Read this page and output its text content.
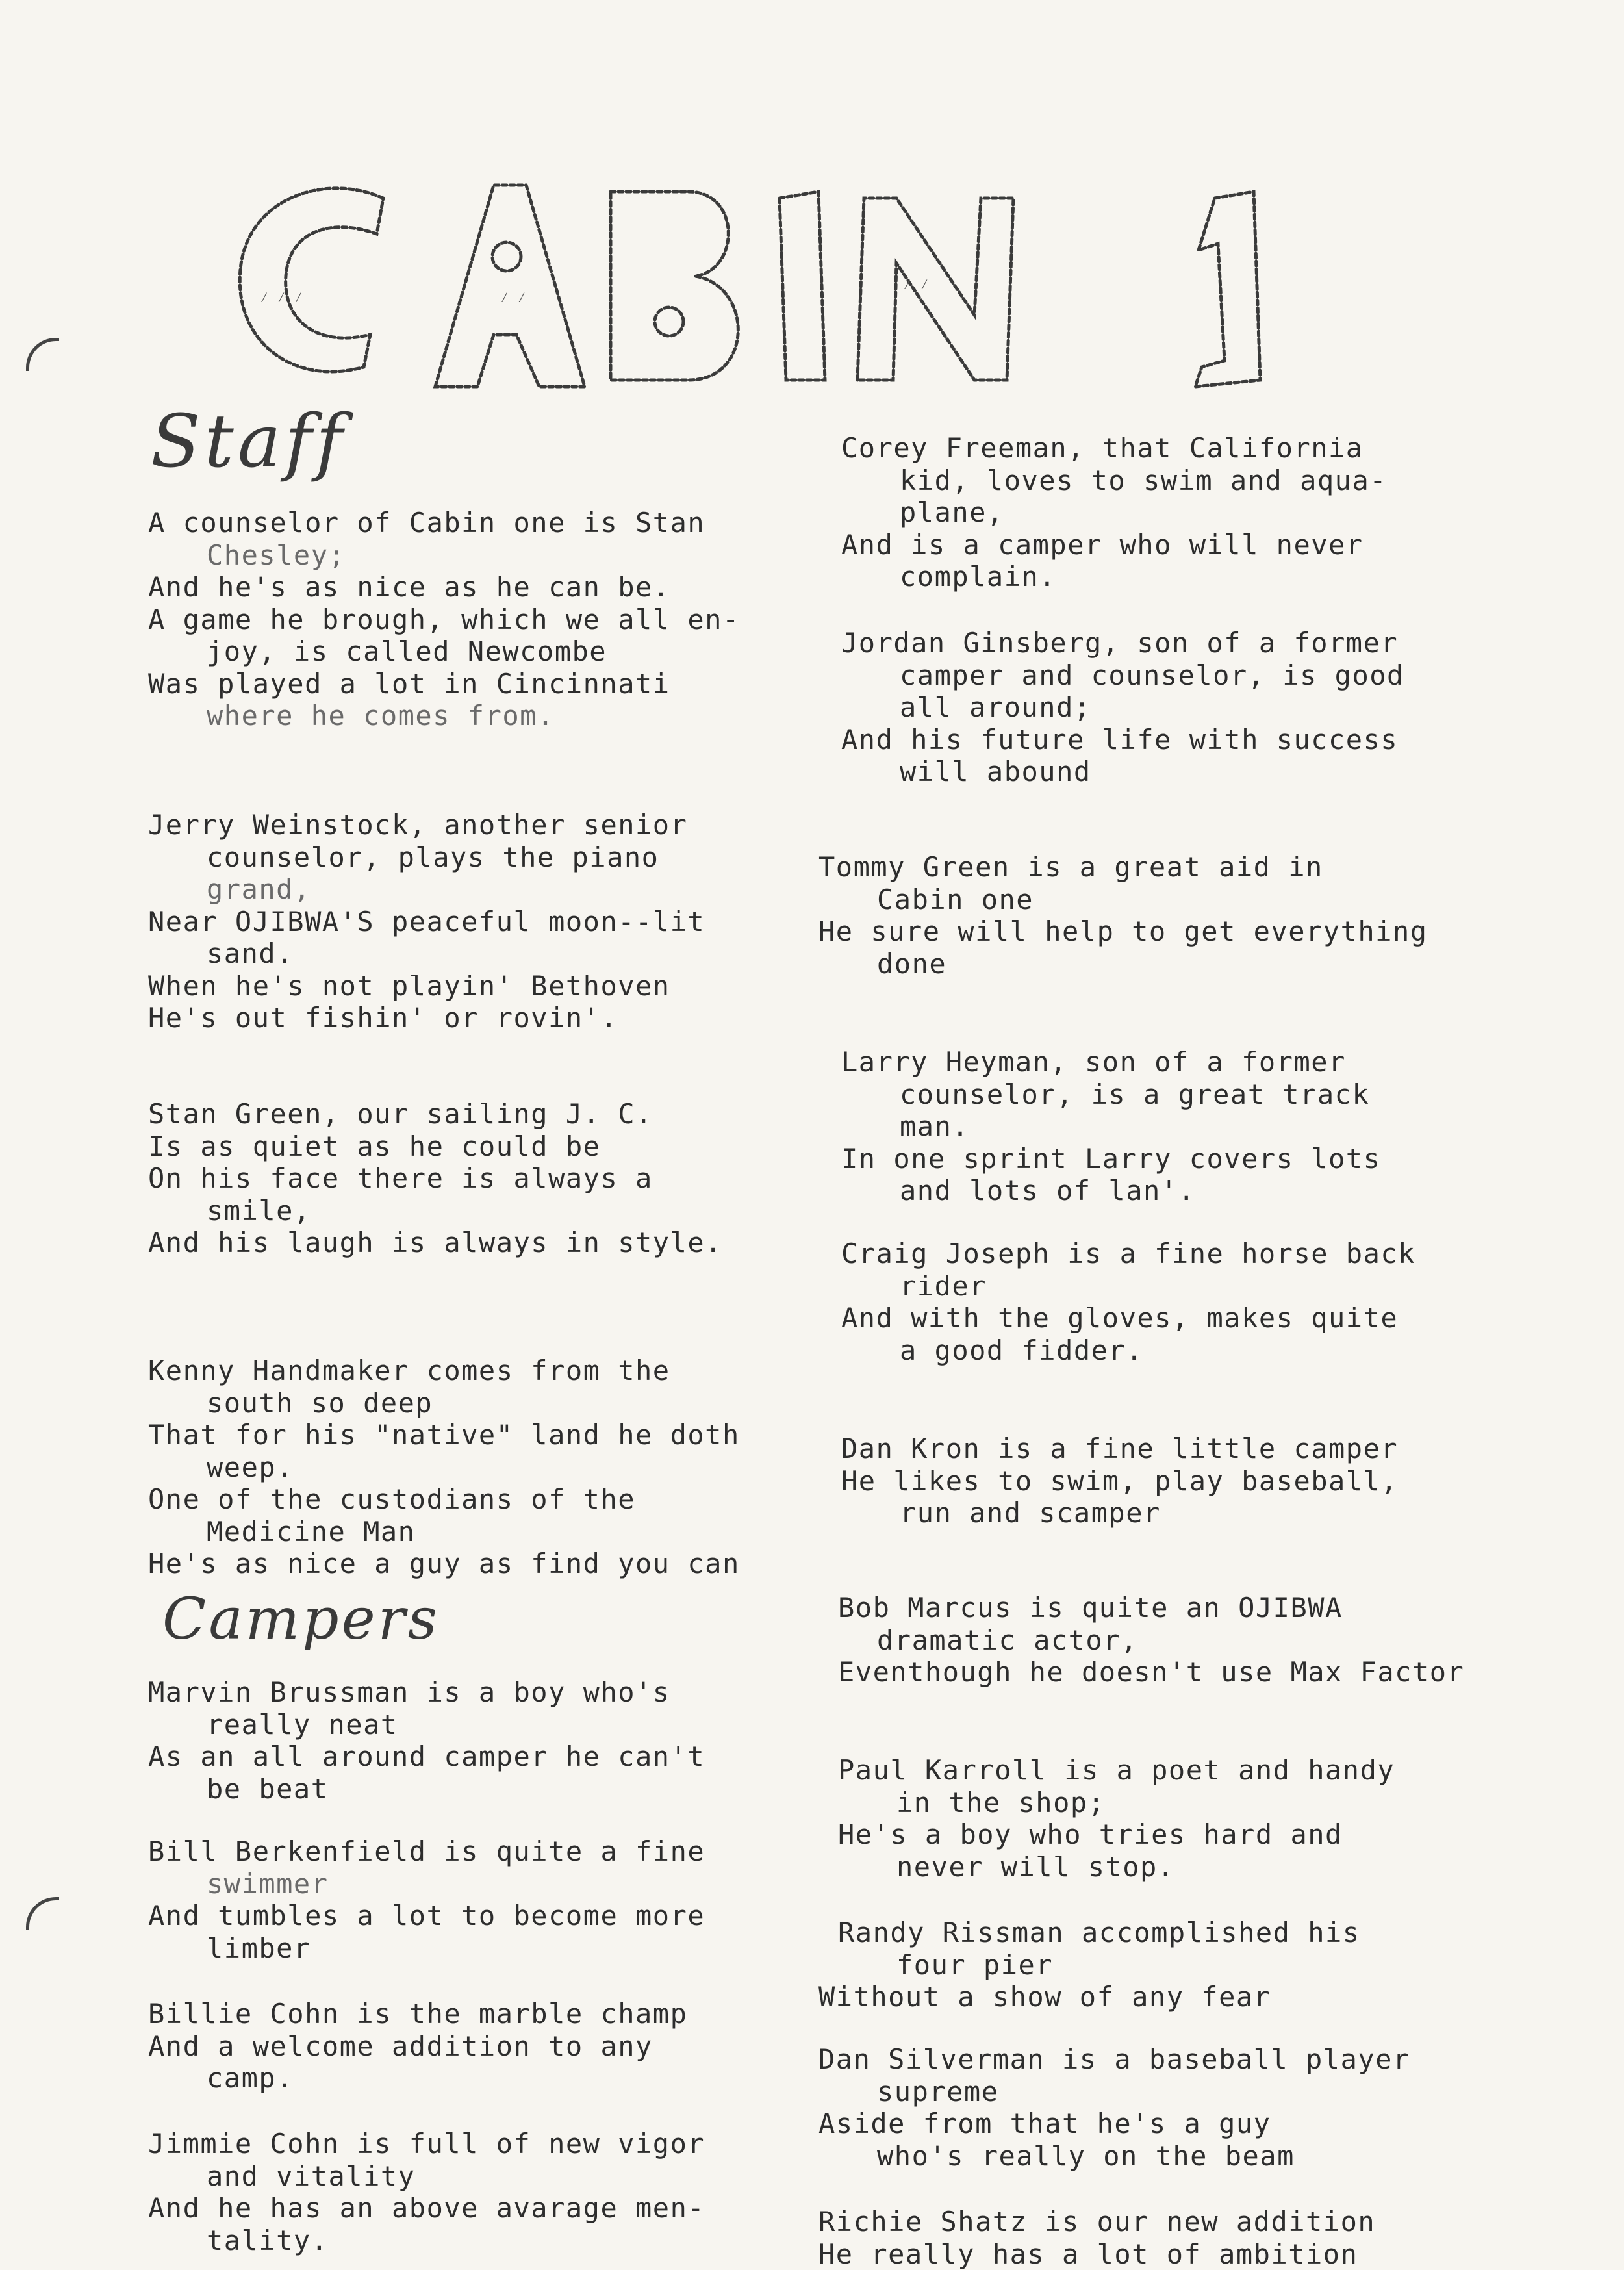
⁄ ⁄ ⁄	⁄ ⁄
⁄ ⁄
Staff
Campers
A counselor of Cabin one is Stan
Chesley;
And he's as nice as he can be.
A game he brough, which we all en-
joy, is called Newcombe
Was played a lot in Cincinnati
where he comes from.
Jerry Weinstock, another senior
counselor, plays the piano
grand,
Near OJIBWA'S peaceful moon--lit
sand.
When he's not playin' Bethoven
He's out fishin' or rovin'.
Stan Green, our sailing J. C.
Is as quiet as he could be
On his face there is always a
smile,
And his laugh is always in style.
Kenny Handmaker comes from the
south so deep
That for his "native" land he doth
weep.
One of the custodians of the
Medicine Man
He's as nice a guy as find you can
Marvin Brussman is a boy who's
really neat
As an all around camper he can't
be beat
Bill Berkenfield is quite a fine
swimmer
And tumbles a lot to become more
limber
Billie Cohn is the marble champ
And a welcome addition to any
camp.
Jimmie Cohn is full of new vigor
and vitality
And he has an above avarage men-
tality.
Corey Freeman, that California
kid, loves to swim and aqua-
plane,
And is a camper who will never
complain.
Jordan Ginsberg, son of a former
camper and counselor, is good
all around;
And his future life with success
will abound
Tommy Green is a great aid in
Cabin one
He sure will help to get everything
done
Larry Heyman, son of a former
counselor, is a great track
man.
In one sprint Larry covers lots
and lots of lan'.
Craig Joseph is a fine horse back
rider
And with the gloves, makes quite
a good fidder.
Dan Kron is a fine little camper
He likes to swim, play baseball,
run and scamper
Bob Marcus is quite an OJIBWA
dramatic actor,
Eventhough he doesn't use Max Factor
Paul Karroll is a poet and handy
in the shop;
He's a boy who tries hard and
never will stop.
Randy Rissman accomplished his
four pier
Without a show of any fear
Dan Silverman is a baseball player
supreme
Aside from that he's a guy
who's really on the beam
Richie Shatz is our new addition
He really has a lot of ambition
